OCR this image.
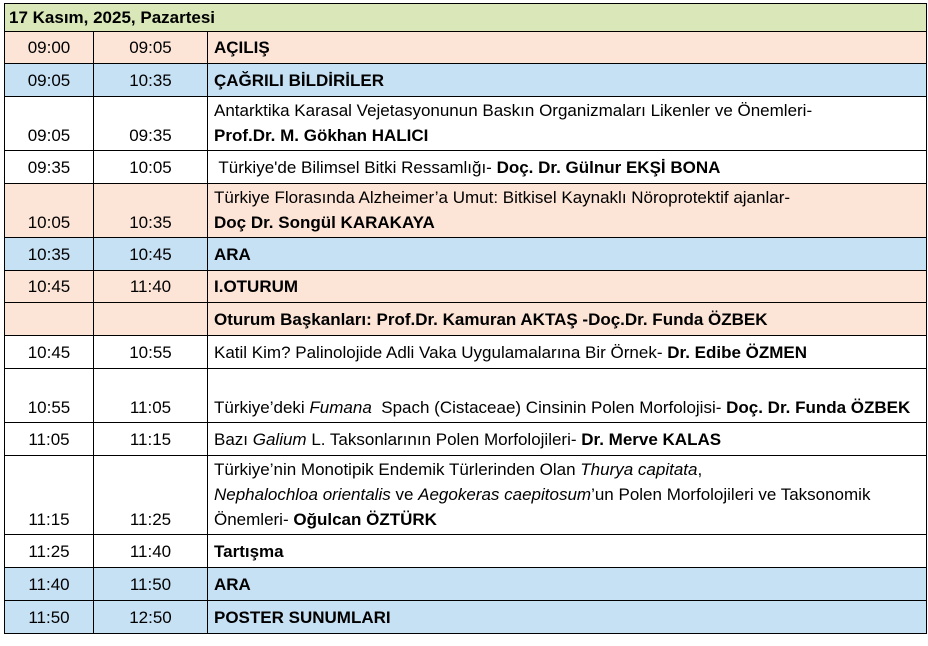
17 Kasım, 2025, Pazartesi		
09:00	09:05	AÇILIŞ
09:05	10:35	ÇAĞRILI BİLDİRİLER
09:05	09:35	Antarktika Karasal Vejetasyonunun Baskın Organizmaları Likenler ve Önemleri-
Prof.Dr. M. Gökhan HALICI
09:35	10:05	Türkiye'de Bilimsel Bitki Ressamlığı- Doç. Dr. Gülnur EKŞİ BONA
10:05	10:35	Türkiye Florasında Alzheimer’a Umut: Bitkisel Kaynaklı Nöroprotektif ajanlar-
Doç Dr. Songül KARAKAYA
10:35	10:45	ARA
10:45	11:40	I.OTURUM
		Oturum Başkanları: Prof.Dr. Kamuran AKTAŞ -Doç.Dr. Funda ÖZBEK
10:45	10:55	Katil Kim? Palinolojide Adli Vaka Uygulamalarına Bir Örnek- Dr. Edibe ÖZMEN
10:55	11:05	Türkiye’deki Fumana  Spach (Cistaceae) Cinsinin Polen Morfolojisi- Doç. Dr. Funda ÖZBEK
11:05	11:15	Bazı Galium L. Taksonlarının Polen Morfolojileri- Dr. Merve KALAS
11:15	11:25	Türkiye’nin Monotipik Endemik Türlerinden Olan Thurya capitata,
Nephalochloa orientalis ve Aegokeras caepitosum’un Polen Morfolojileri ve Taksonomik Önemleri- Oğulcan ÖZTÜRK
11:25	11:40	Tartışma
11:40	11:50	ARA
11:50	12:50	POSTER SUNUMLARI
